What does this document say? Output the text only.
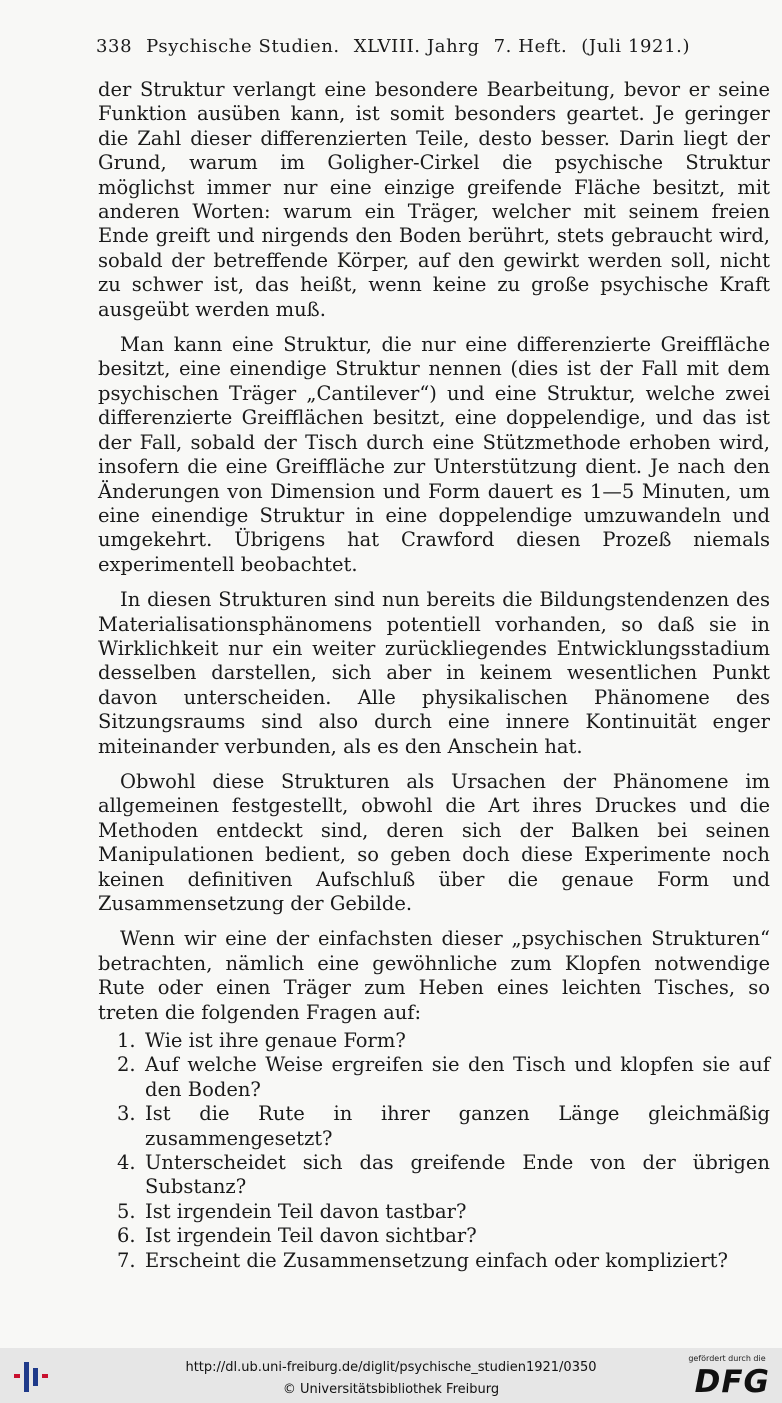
338 Psychische Studien. XLVIII. Jahrg 7. Heft. (Juli 1921.)

der Struktur verlangt eine besondere Bearbeitung, bevor er seine Funktion ausüben kann, ist somit besonders geartet. Je geringer die Zahl dieser differenzierten Teile, desto besser. Darin liegt der Grund, warum im Goligher-Cirkel die psychische Struktur möglichst immer nur eine einzige greifende Fläche besitzt, mit anderen Worten: warum ein Träger, welcher mit seinem freien Ende greift und nirgends den Boden berührt, stets gebraucht wird, sobald der betreffende Körper, auf den gewirkt werden soll, nicht zu schwer ist, das heißt, wenn keine zu große psychische Kraft ausgeübt werden muß.

Man kann eine Struktur, die nur eine differenzierte Greiffläche besitzt, eine einendige Struktur nennen (dies ist der Fall mit dem psychischen Träger „Cantilever“) und eine Struktur, welche zwei differenzierte Greifflächen besitzt, eine doppelendige, und das ist der Fall, sobald der Tisch durch eine Stützmethode erhoben wird, insofern die eine Greiffläche zur Unterstützung dient. Je nach den Änderungen von Dimension und Form dauert es 1—5 Minuten, um eine einendige Struktur in eine doppelendige umzuwandeln und umgekehrt. Übrigens hat Crawford diesen Prozeß niemals experimentell beobachtet.

In diesen Strukturen sind nun bereits die Bildungstendenzen des Materialisationsphänomens potentiell vorhanden, so daß sie in Wirklichkeit nur ein weiter zurückliegendes Entwicklungsstadium desselben darstellen, sich aber in keinem wesentlichen Punkt davon unterscheiden. Alle physikalischen Phänomene des Sitzungsraums sind also durch eine innere Kontinuität enger miteinander verbunden, als es den Anschein hat.

Obwohl diese Strukturen als Ursachen der Phänomene im allgemeinen festgestellt, obwohl die Art ihres Druckes und die Methoden entdeckt sind, deren sich der Balken bei seinen Manipulationen bedient, so geben doch diese Experimente noch keinen definitiven Aufschluß über die genaue Form und Zusammensetzung der Gebilde.

Wenn wir eine der einfachsten dieser „psychischen Strukturen“ betrachten, nämlich eine gewöhnliche zum Klopfen notwendige Rute oder einen Träger zum Heben eines leichten Tisches, so treten die folgenden Fragen auf:

1. Wie ist ihre genaue Form?
2. Auf welche Weise ergreifen sie den Tisch und klopfen sie auf den Boden?
3. Ist die Rute in ihrer ganzen Länge gleichmäßig zusammengesetzt?
4. Unterscheidet sich das greifende Ende von der übrigen Substanz?
5. Ist irgendein Teil davon tastbar?
6. Ist irgendein Teil davon sichtbar?
7. Erscheint die Zusammensetzung einfach oder kompliziert?
http://dl.ub.uni-freiburg.de/diglit/psychische_studien1921/0350
© Universitätsbibliothek Freiburg
gefördert durch die
DFG
